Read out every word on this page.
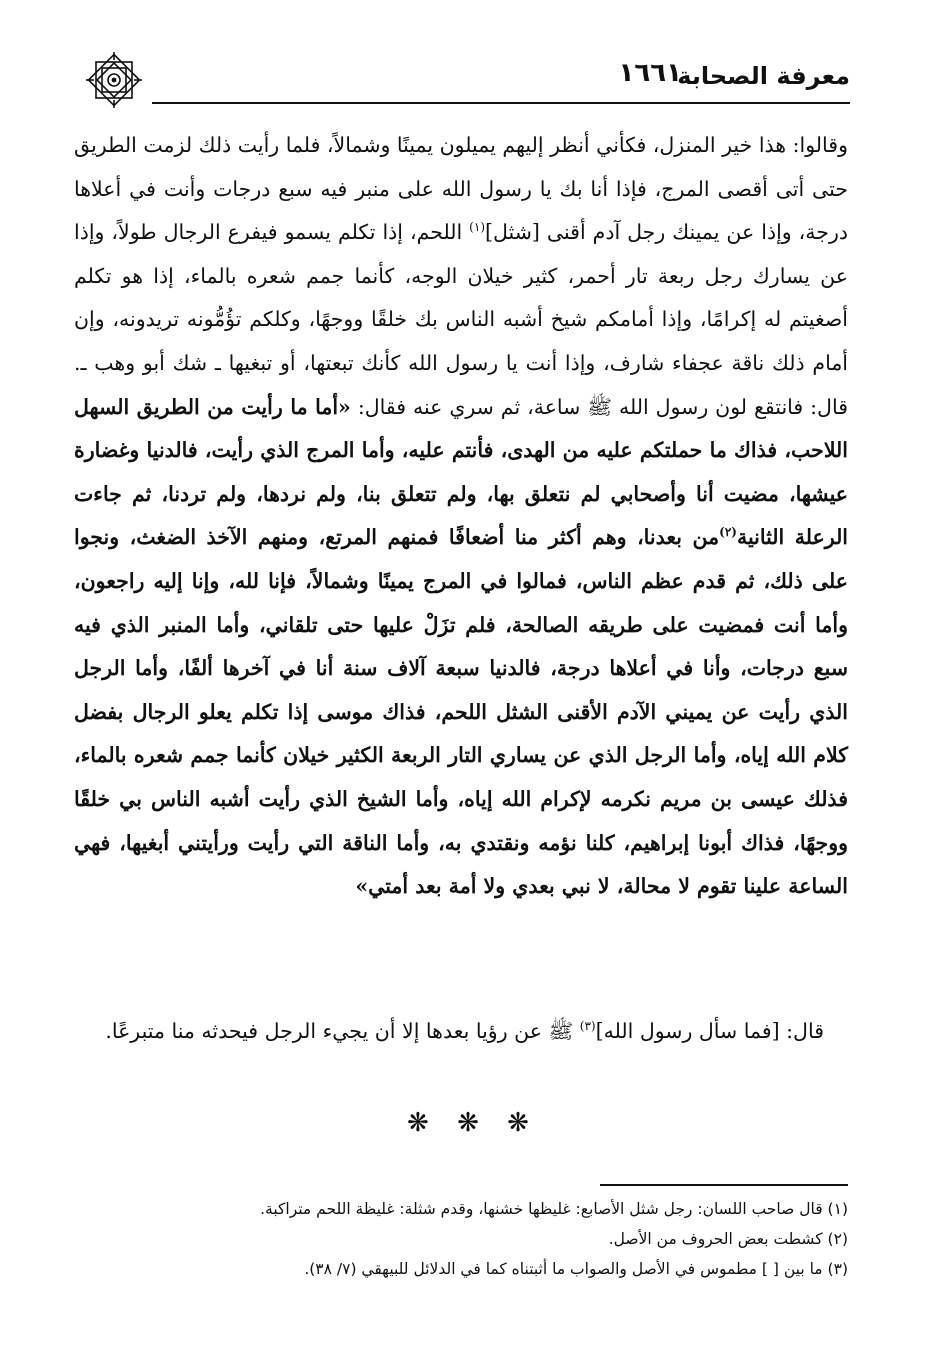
معرفة الصحابة
١٦٦١

وقالوا: هذا خير المنزل، فكأني أنظر إليهم يميلون يمينًا وشمالاً، فلما رأيت ذلك لزمت الطريق حتى أتى أقصى المرج، فإذا أنا بك يا رسول الله على منبر فيه سبع درجات وأنت في أعلاها درجة، وإذا عن يمينك رجل آدم أقنى [شثل]$^{(١)}$ اللحم، إذا تكلم يسمو فيفرع الرجال طولاً، وإذا عن يسارك رجل ربعة تار أحمر، كثير خيلان الوجه، كأنما جمم شعره بالماء، إذا هو تكلم أصغيتم له إكرامًا، وإذا أمامكم شيخ أشبه الناس بك خلقًا ووجهًا، وكلكم تؤُمُّونه تريدونه، وإن أمام ذلك ناقة عجفاء شارف، وإذا أنت يا رسول الله كأنك تبعتها، أو تبغيها ـ شك أبو وهب ـ. قال: فانتقع لون رسول الله ﷺ ساعة، ثم سري عنه فقال: «أما ما رأيت من الطريق السهل اللاحب، فذاك ما حملتكم عليه من الهدى، فأنتم عليه، وأما المرج الذي رأيت، فالدنيا وغضارة عيشها، مضيت أنا وأصحابي لم نتعلق بها، ولم تتعلق بنا، ولم نردها، ولم تردنا، ثم جاءت الرعلة الثانية$^{(٢)}$من بعدنا، وهم أكثر منا أضعافًا فمنهم المرتع، ومنهم الآخذ الضغث، ونجوا على ذلك، ثم قدم عظم الناس، فمالوا في المرج يمينًا وشمالاً، فإنا لله، وإنا إليه راجعون، وأما أنت فمضيت على طريقه الصالحة، فلم تزَلْ عليها حتى تلقاني، وأما المنبر الذي فيه سبع درجات، وأنا في أعلاها درجة، فالدنيا سبعة آلاف سنة أنا في آخرها ألفًا، وأما الرجل الذي رأيت عن يميني الآدم الأقنى الشثل اللحم، فذاك موسى إذا تكلم يعلو الرجال بفضل كلام الله إياه، وأما الرجل الذي عن يساري التار الربعة الكثير خيلان كأنما جمم شعره بالماء، فذلك عيسى بن مريم نكرمه لإكرام الله إياه، وأما الشيخ الذي رأيت أشبه الناس بي خلقًا ووجهًا، فذاك أبونا إبراهيم، كلنا نؤمه ونقتدي به، وأما الناقة التي رأيت ورأيتني أبغيها، فهي الساعة علينا تقوم لا محالة، لا نبي بعدي ولا أمة بعد أمتي»

قال: [فما سأل رسول الله]$^{(٣)}$ ﷺ عن رؤيا بعدها إلا أن يجيء الرجل فيحدثه منا متبرعًا.
❋ ❋ ❋
(١) قال صاحب اللسان: رجل شثل الأصابع: غليظها خشنها، وقدم شثلة: غليظة اللحم متراكبة.
(٢) كشطت بعض الحروف من الأصل.
(٣) ما بين [ ] مطموس في الأصل والصواب ما أثبتناه كما في الدلائل للبيهقي (٧/ ٣٨).
